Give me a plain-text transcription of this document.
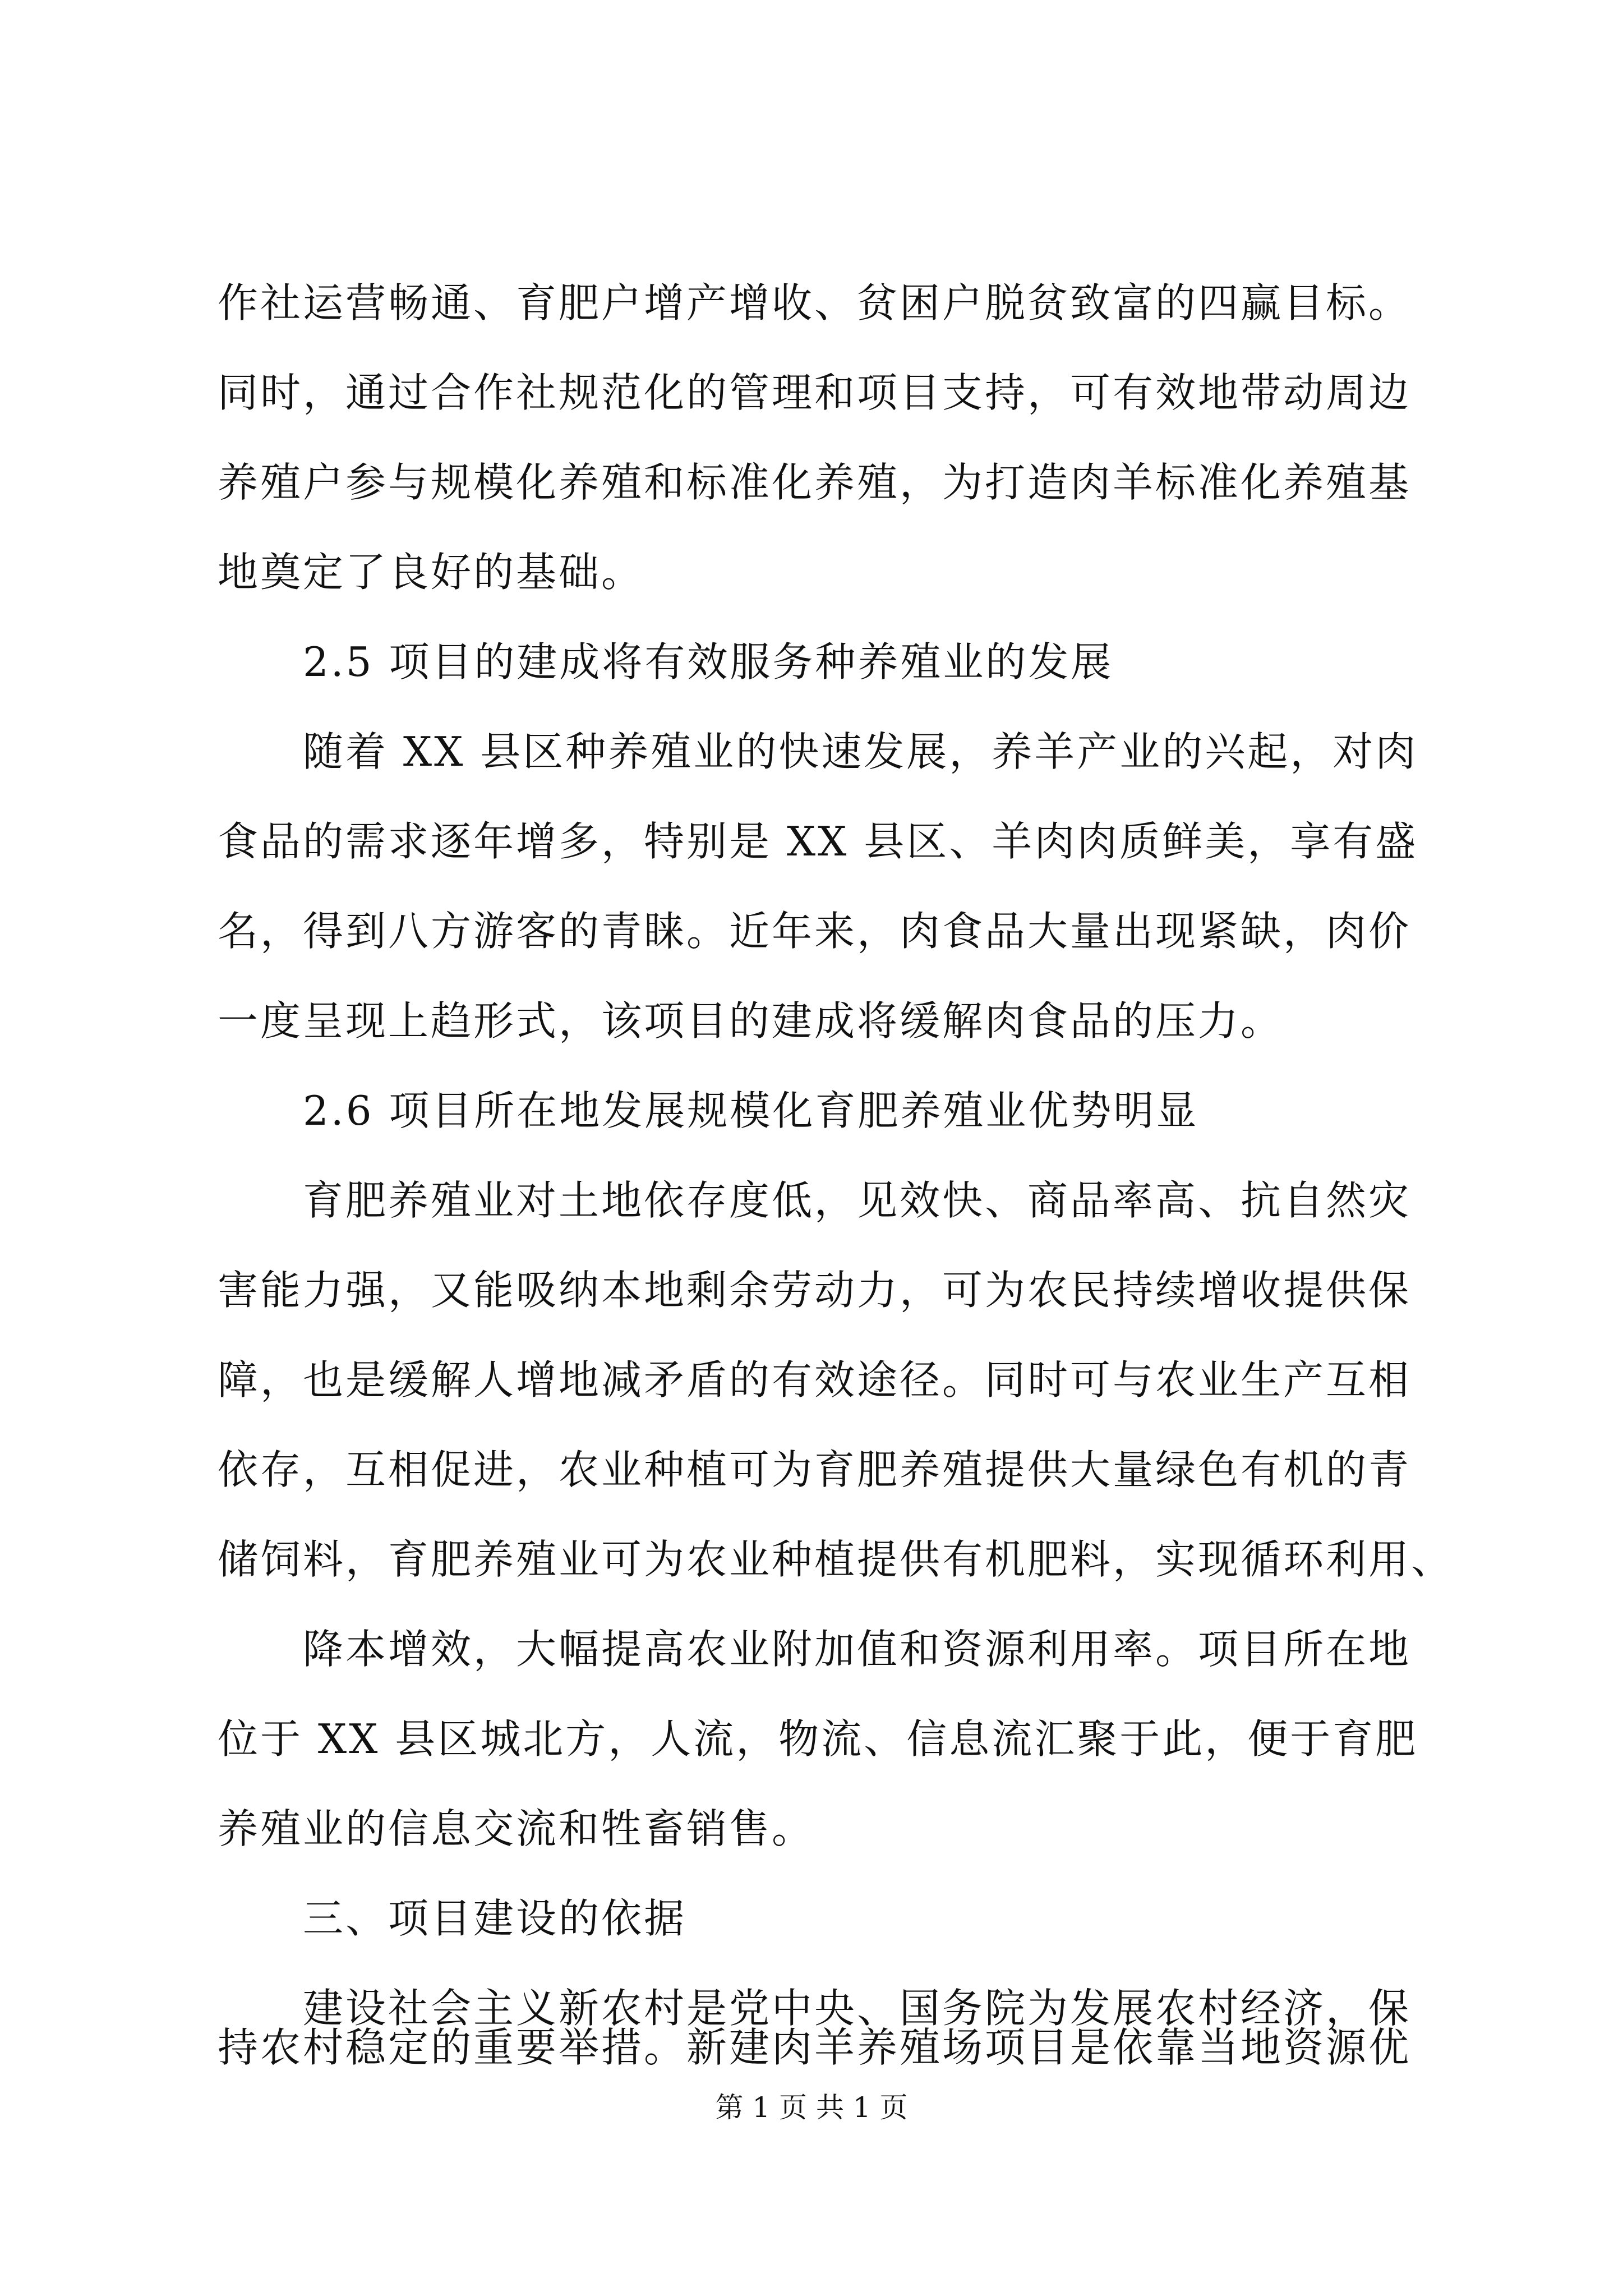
作社运营畅通、育肥户增产增收、贫困户脱贫致富的四赢目标。
同时，通过合作社规范化的管理和项目支持，可有效地带动周边
养殖户参与规模化养殖和标准化养殖，为打造肉羊标准化养殖基
地奠定了良好的基础。
2.5 项目的建成将有效服务种养殖业的发展
随着 XX 县区种养殖业的快速发展，养羊产业的兴起，对肉
食品的需求逐年增多，特别是 XX 县区、羊肉肉质鲜美，享有盛
名，得到八方游客的青睐。近年来，肉食品大量出现紧缺，肉价
一度呈现上趋形式，该项目的建成将缓解肉食品的压力。
2.6 项目所在地发展规模化育肥养殖业优势明显
育肥养殖业对土地依存度低，见效快、商品率高、抗自然灾
害能力强，又能吸纳本地剩余劳动力，可为农民持续增收提供保
障，也是缓解人增地减矛盾的有效途径。同时可与农业生产互相
依存，互相促进，农业种植可为育肥养殖提供大量绿色有机的青
储饲料，育肥养殖业可为农业种植提供有机肥料，实现循环利用、
降本增效，大幅提高农业附加值和资源利用率。项目所在地
位于 XX 县区城北方，人流，物流、信息流汇聚于此，便于育肥
养殖业的信息交流和牲畜销售。
三、项目建设的依据
建设社会主义新农村是党中央、国务院为发展农村经济，保
持农村稳定的重要举措。新建肉羊养殖场项目是依靠当地资源优
第 1 页 共 1 页
